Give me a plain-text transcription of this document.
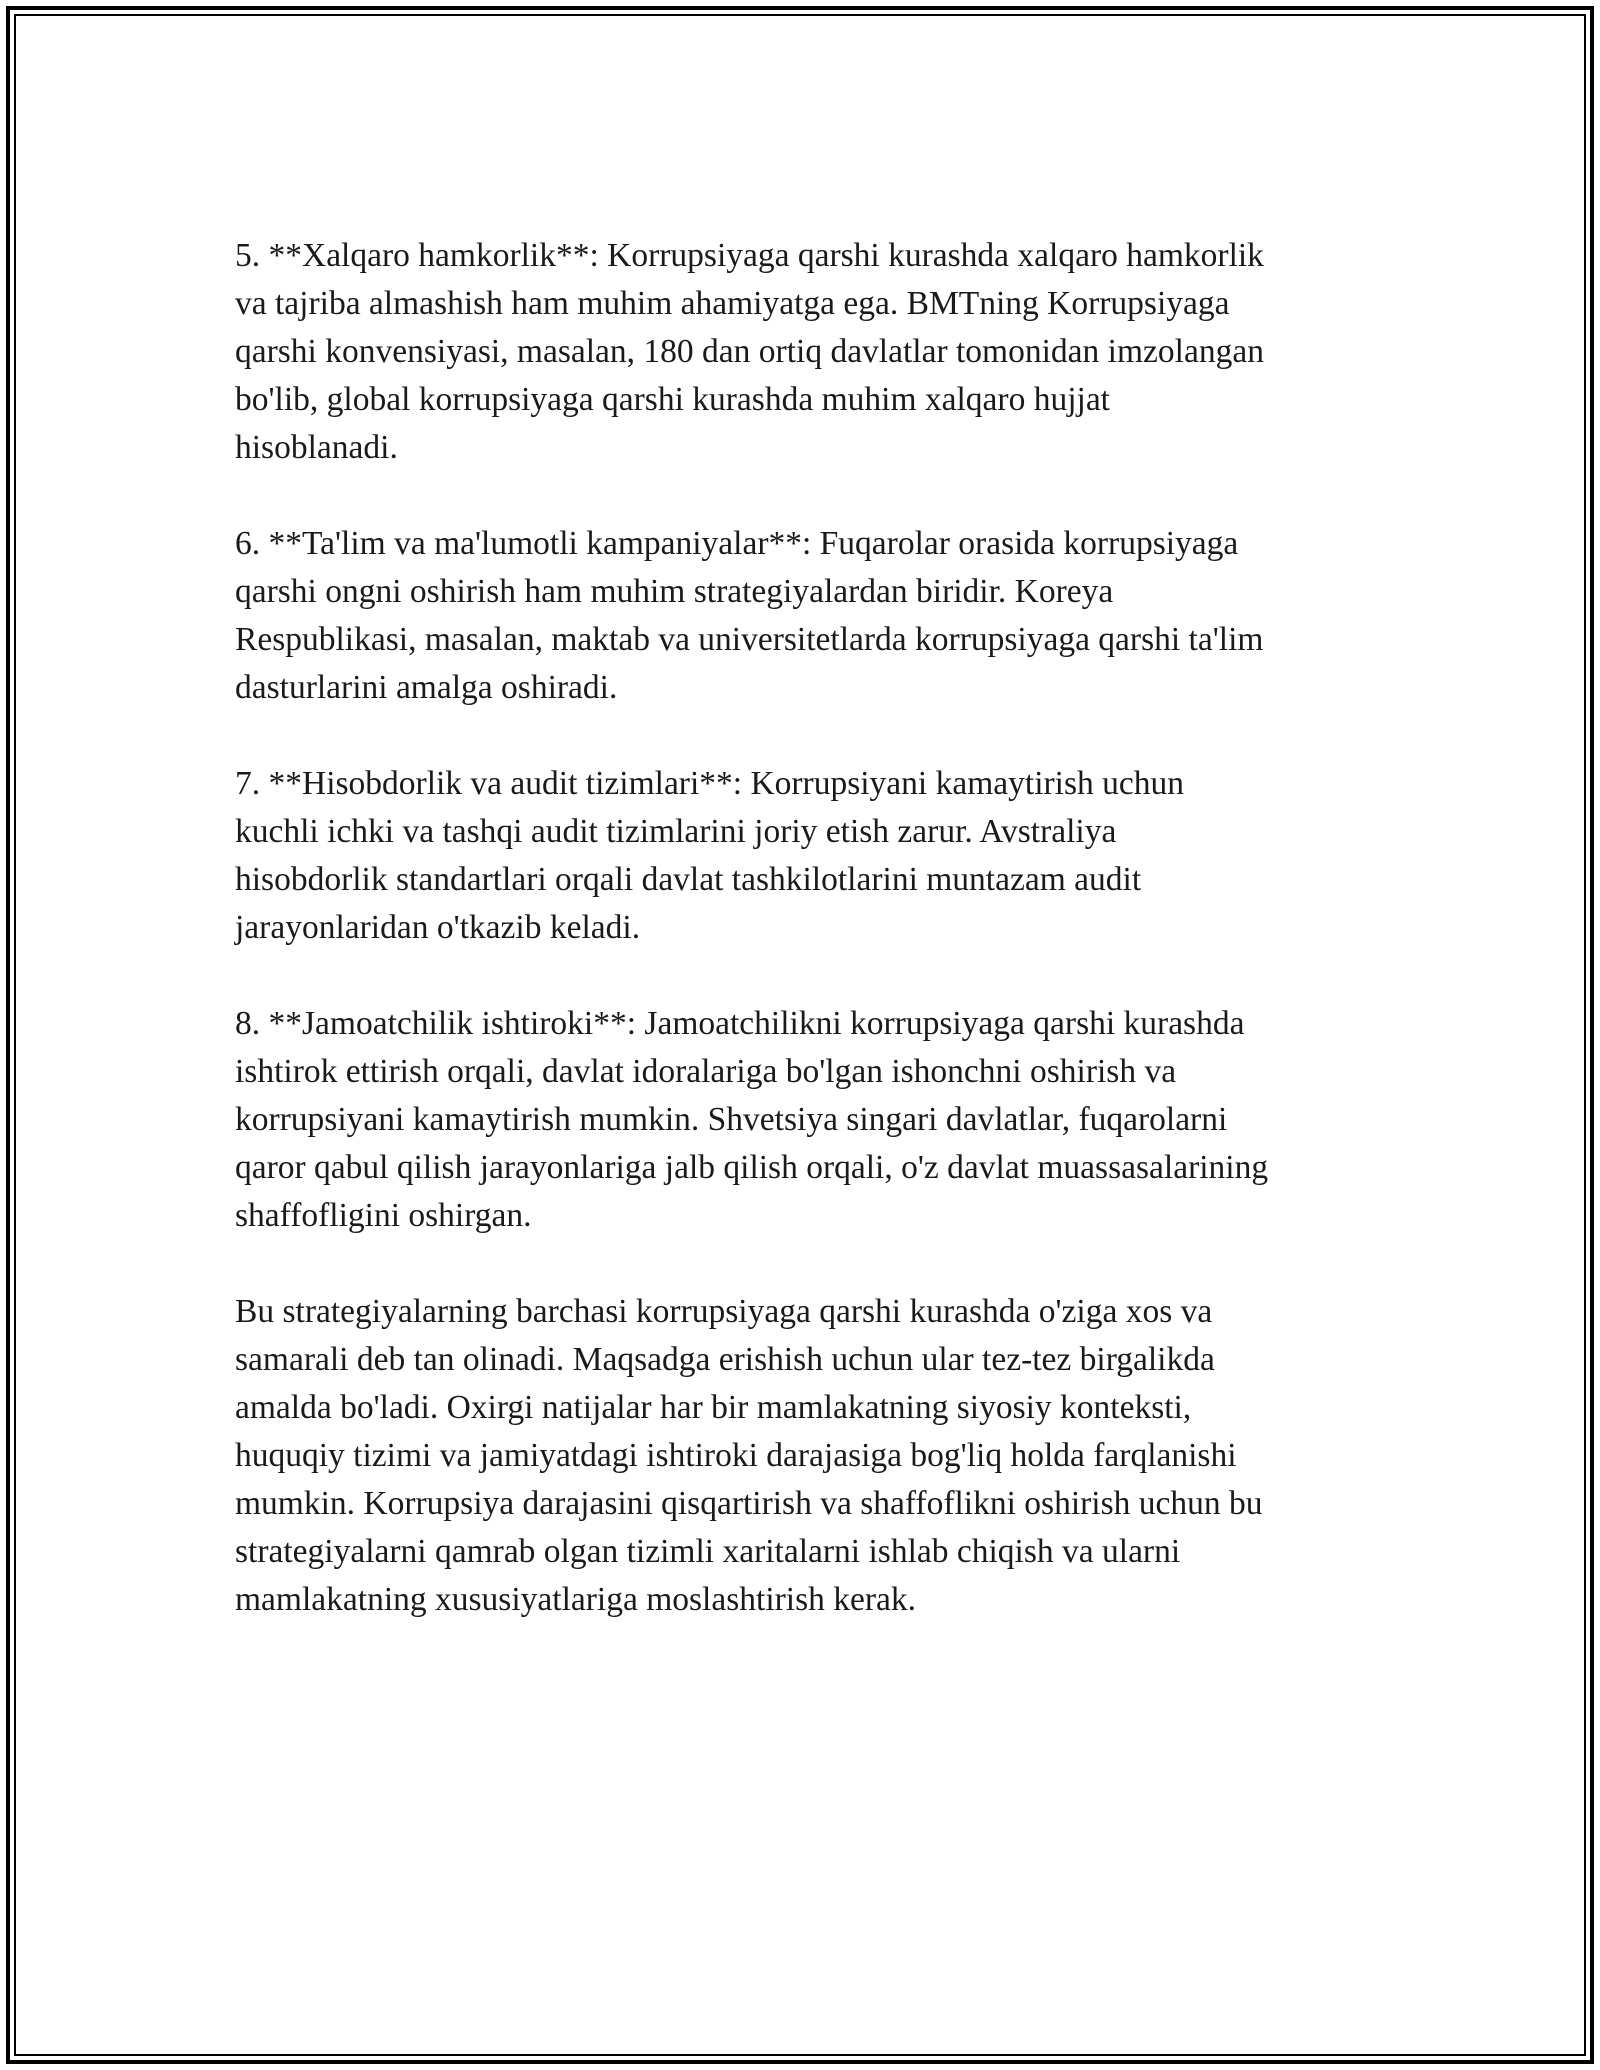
5. **Xalqaro hamkorlik**: Korrupsiyaga qarshi kurashda xalqaro hamkorlik
va tajriba almashish ham muhim ahamiyatga ega. BMTning Korrupsiyaga
qarshi konvensiyasi, masalan, 180 dan ortiq davlatlar tomonidan imzolangan
bo'lib, global korrupsiyaga qarshi kurashda muhim xalqaro hujjat
hisoblanadi.

6. **Ta'lim va ma'lumotli kampaniyalar**: Fuqarolar orasida korrupsiyaga
qarshi ongni oshirish ham muhim strategiyalardan biridir. Koreya
Respublikasi, masalan, maktab va universitetlarda korrupsiyaga qarshi ta'lim
dasturlarini amalga oshiradi.

7. **Hisobdorlik va audit tizimlari**: Korrupsiyani kamaytirish uchun
kuchli ichki va tashqi audit tizimlarini joriy etish zarur. Avstraliya
hisobdorlik standartlari orqali davlat tashkilotlarini muntazam audit
jarayonlaridan o'tkazib keladi.

8. **Jamoatchilik ishtiroki**: Jamoatchilikni korrupsiyaga qarshi kurashda
ishtirok ettirish orqali, davlat idoralariga bo'lgan ishonchni oshirish va
korrupsiyani kamaytirish mumkin. Shvetsiya singari davlatlar, fuqarolarni
qaror qabul qilish jarayonlariga jalb qilish orqali, o'z davlat muassasalarining
shaffofligini oshirgan.

Bu strategiyalarning barchasi korrupsiyaga qarshi kurashda o'ziga xos va
samarali deb tan olinadi. Maqsadga erishish uchun ular tez-tez birgalikda
amalda bo'ladi. Oxirgi natijalar har bir mamlakatning siyosiy konteksti,
huquqiy tizimi va jamiyatdagi ishtiroki darajasiga bog'liq holda farqlanishi
mumkin. Korrupsiya darajasini qisqartirish va shaffoflikni oshirish uchun bu
strategiyalarni qamrab olgan tizimli xaritalarni ishlab chiqish va ularni
mamlakatning xususiyatlariga moslashtirish kerak.
